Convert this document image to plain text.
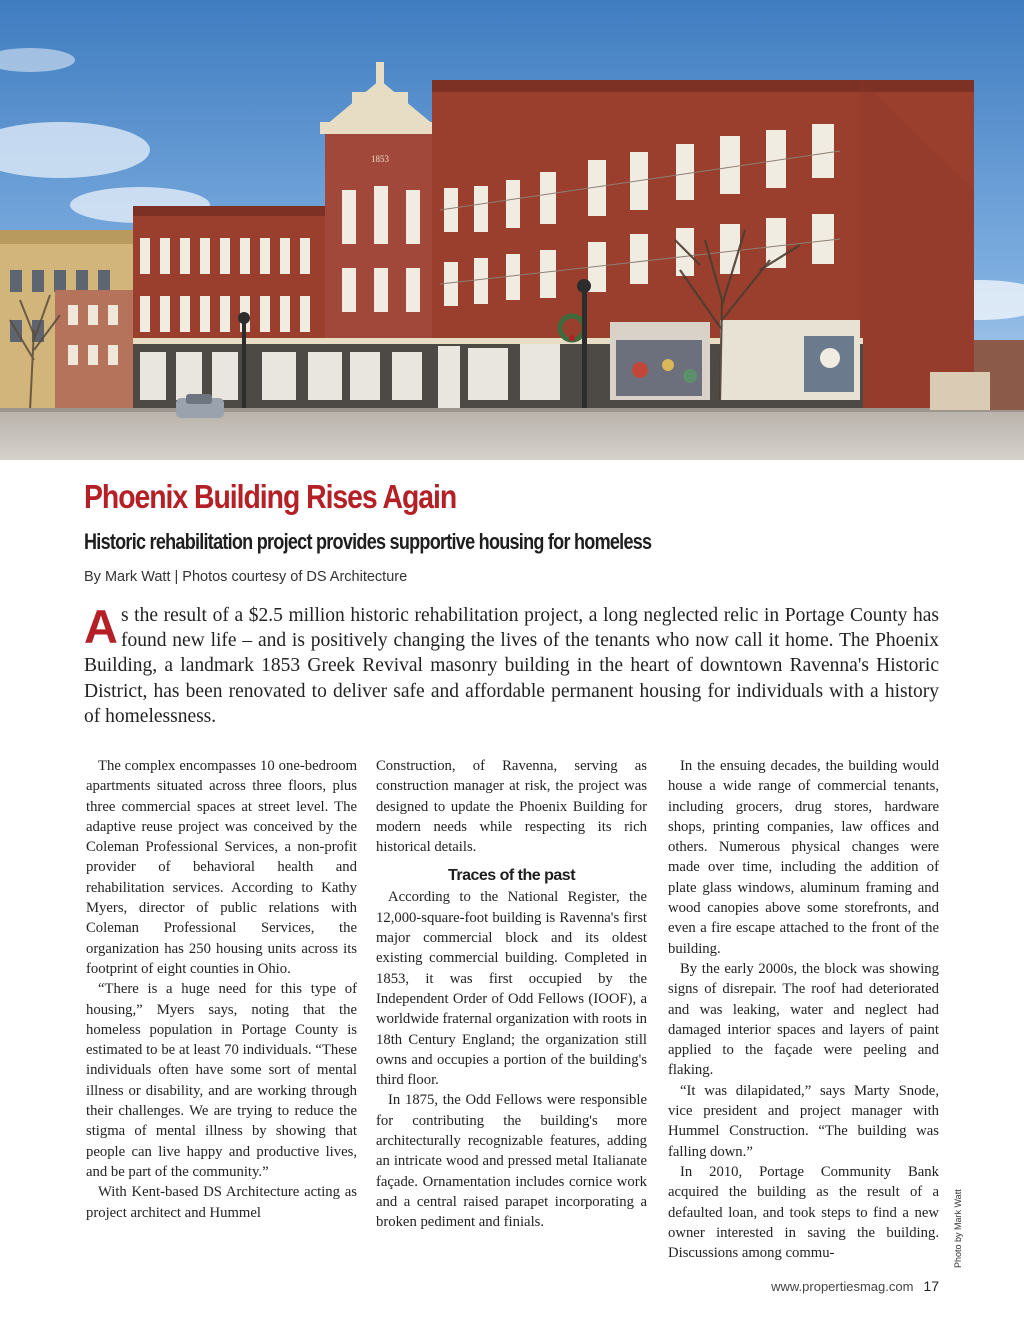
1853
Phoenix Building Rises Again
Historic rehabilitation project provides supportive housing for homeless
By Mark Watt | Photos courtesy of DS Architecture

As the result of a $2.5 million historic rehabilitation project, a long neglected relic in Portage County has found new life – and is positively changing the lives of the tenants who now call it home. The Phoenix Building, a landmark 1853 Greek Revival masonry building in the heart of downtown Ravenna's Historic District, has been renovated to deliver safe and affordable permanent housing for individuals with a history of homelessness.

The complex encompasses 10 one-bedroom apartments situated across three floors, plus three commercial spaces at street level. The adaptive reuse project was conceived by the Coleman Professional Services, a non-profit provider of behavioral health and rehabilitation services. According to Kathy Myers, director of public relations with Coleman Professional Services, the organization has 250 housing units across its footprint of eight counties in Ohio.

“There is a huge need for this type of housing,” Myers says, noting that the homeless population in Portage County is estimated to be at least 70 individuals. “These individuals often have some sort of mental illness or disability, and are working through their challenges. We are trying to reduce the stigma of mental illness by showing that people can live happy and productive lives, and be part of the community.”

With Kent-based DS Architecture acting as project architect and Hummel

Construction, of Ravenna, serving as construction manager at risk, the project was designed to update the Phoenix Building for modern needs while respecting its rich historical details.

Traces of the past

According to the National Register, the 12,000-square-foot building is Ravenna's first major commercial block and its oldest existing commercial building. Completed in 1853, it was first occupied by the Independent Order of Odd Fellows (IOOF), a worldwide fraternal organization with roots in 18th Century England; the organization still owns and occupies a portion of the building's third floor.

In 1875, the Odd Fellows were responsible for contributing the building's more architecturally recognizable features, adding an intricate wood and pressed metal Italianate façade. Ornamentation includes cornice work and a central raised parapet incorporating a broken pediment and finials.

In the ensuing decades, the building would house a wide range of commercial tenants, including grocers, drug stores, hardware shops, printing companies, law offices and others. Numerous physical changes were made over time, including the addition of plate glass windows, aluminum framing and wood canopies above some storefronts, and even a fire escape attached to the front of the building.

By the early 2000s, the block was showing signs of disrepair. The roof had deteriorated and was leaking, water and neglect had damaged interior spaces and layers of paint applied to the façade were peeling and flaking.

“It was dilapidated,” says Marty Snode, vice president and project manager with Hummel Construction. “The building was falling down.”

In 2010, Portage Community Bank acquired the building as the result of a defaulted loan, and took steps to find a new owner interested in saving the building. Discussions among commu-	Photo by Mark Watt
www.propertiesmag.com 17
